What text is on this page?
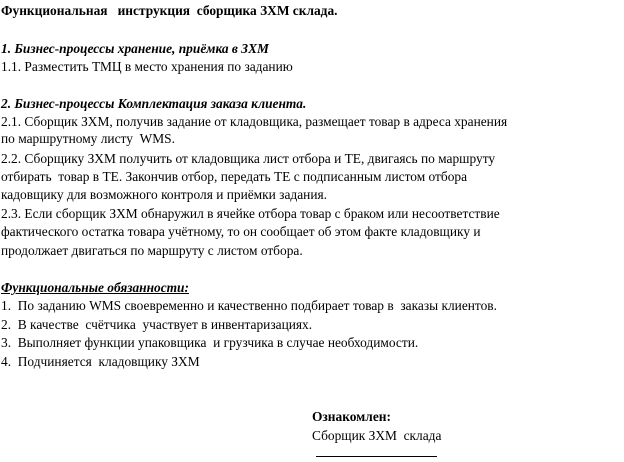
Функциональная   инструкция  сборщика ЗХМ склада.
1. Бизнес-процессы хранение, приёмка в ЗХМ
1.1. Разместить ТМЦ в место хранения по заданию
2. Бизнес-процессы Комплектация заказа клиента.
2.1. Сборщик ЗХМ, получив задание от кладовщика, размещает товар в адреса хранения
по маршрутному листу  WMS.
2.2. Сборщику ЗХМ получить от кладовщика лист отбора и ТЕ, двигаясь по маршруту
отбирать  товар в ТЕ. Закончив отбор, передать ТЕ с подписанным листом отбора
кадовщику для возможного контроля и приёмки задания.
2.3. Если сборщик ЗХМ обнаружил в ячейке отбора товар с браком или несоответствие
фактического остатка товара учётному, то он сообщает об этом факте кладовщику и
продолжает двигаться по маршруту с листом отбора.
Функциональные обязанности:
1.  По заданию WMS своевременно и качественно подбирает товар в  заказы клиентов.
2.  В качестве  счётчика  участвует в инвентаризациях.
3.  Выполняет функции упаковщика  и грузчика в случае необходимости.
4.  Подчиняется  кладовщику ЗХМ
Ознакомлен:
Сборщик ЗХМ  склада
